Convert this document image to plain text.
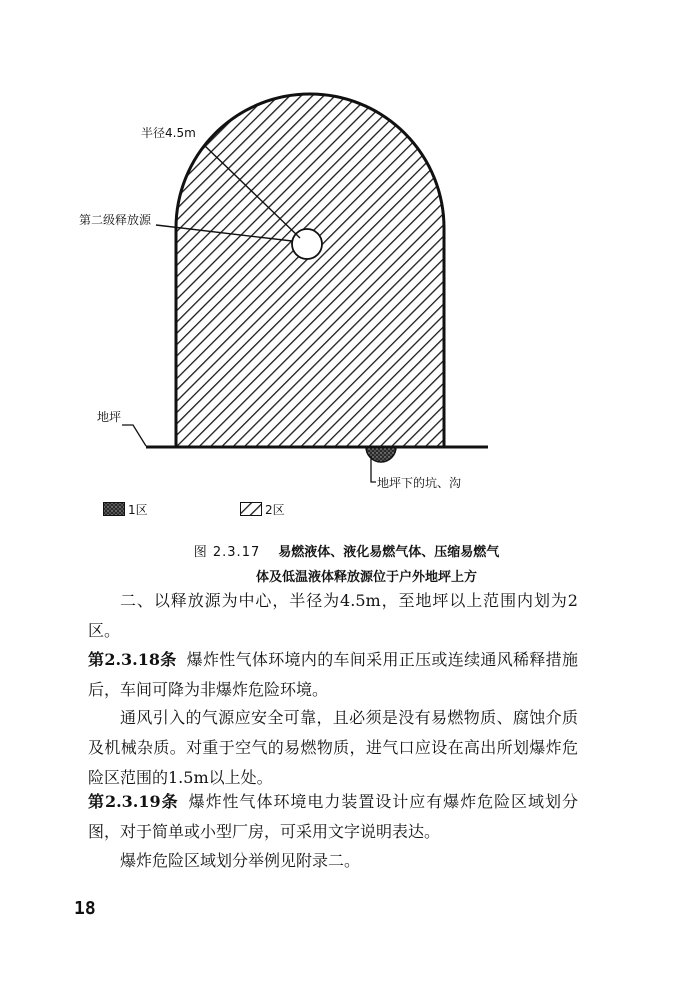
半径4.5m
第二级释放源
地坪
地坪下的坑、沟
1区	2区
图 2.3.17 易燃液体、液化易燃气体、压缩易燃气
体及低温液体释放源位于户外地坪上方
二、以释放源为中心，半径为4.5m，至地坪以上范围内划为2区。
第2.3.18条 爆炸性气体环境内的车间采用正压或连续通风稀释措施后，车间可降为非爆炸危险环境。
通风引入的气源应安全可靠，且必须是没有易燃物质、腐蚀介质及机械杂质。对重于空气的易燃物质，进气口应设在高出所划爆炸危险区范围的1.5m以上处。
第2.3.19条 爆炸性气体环境电力装置设计应有爆炸危险区域划分图，对于简单或小型厂房，可采用文字说明表达。
爆炸危险区域划分举例见附录二。
18
